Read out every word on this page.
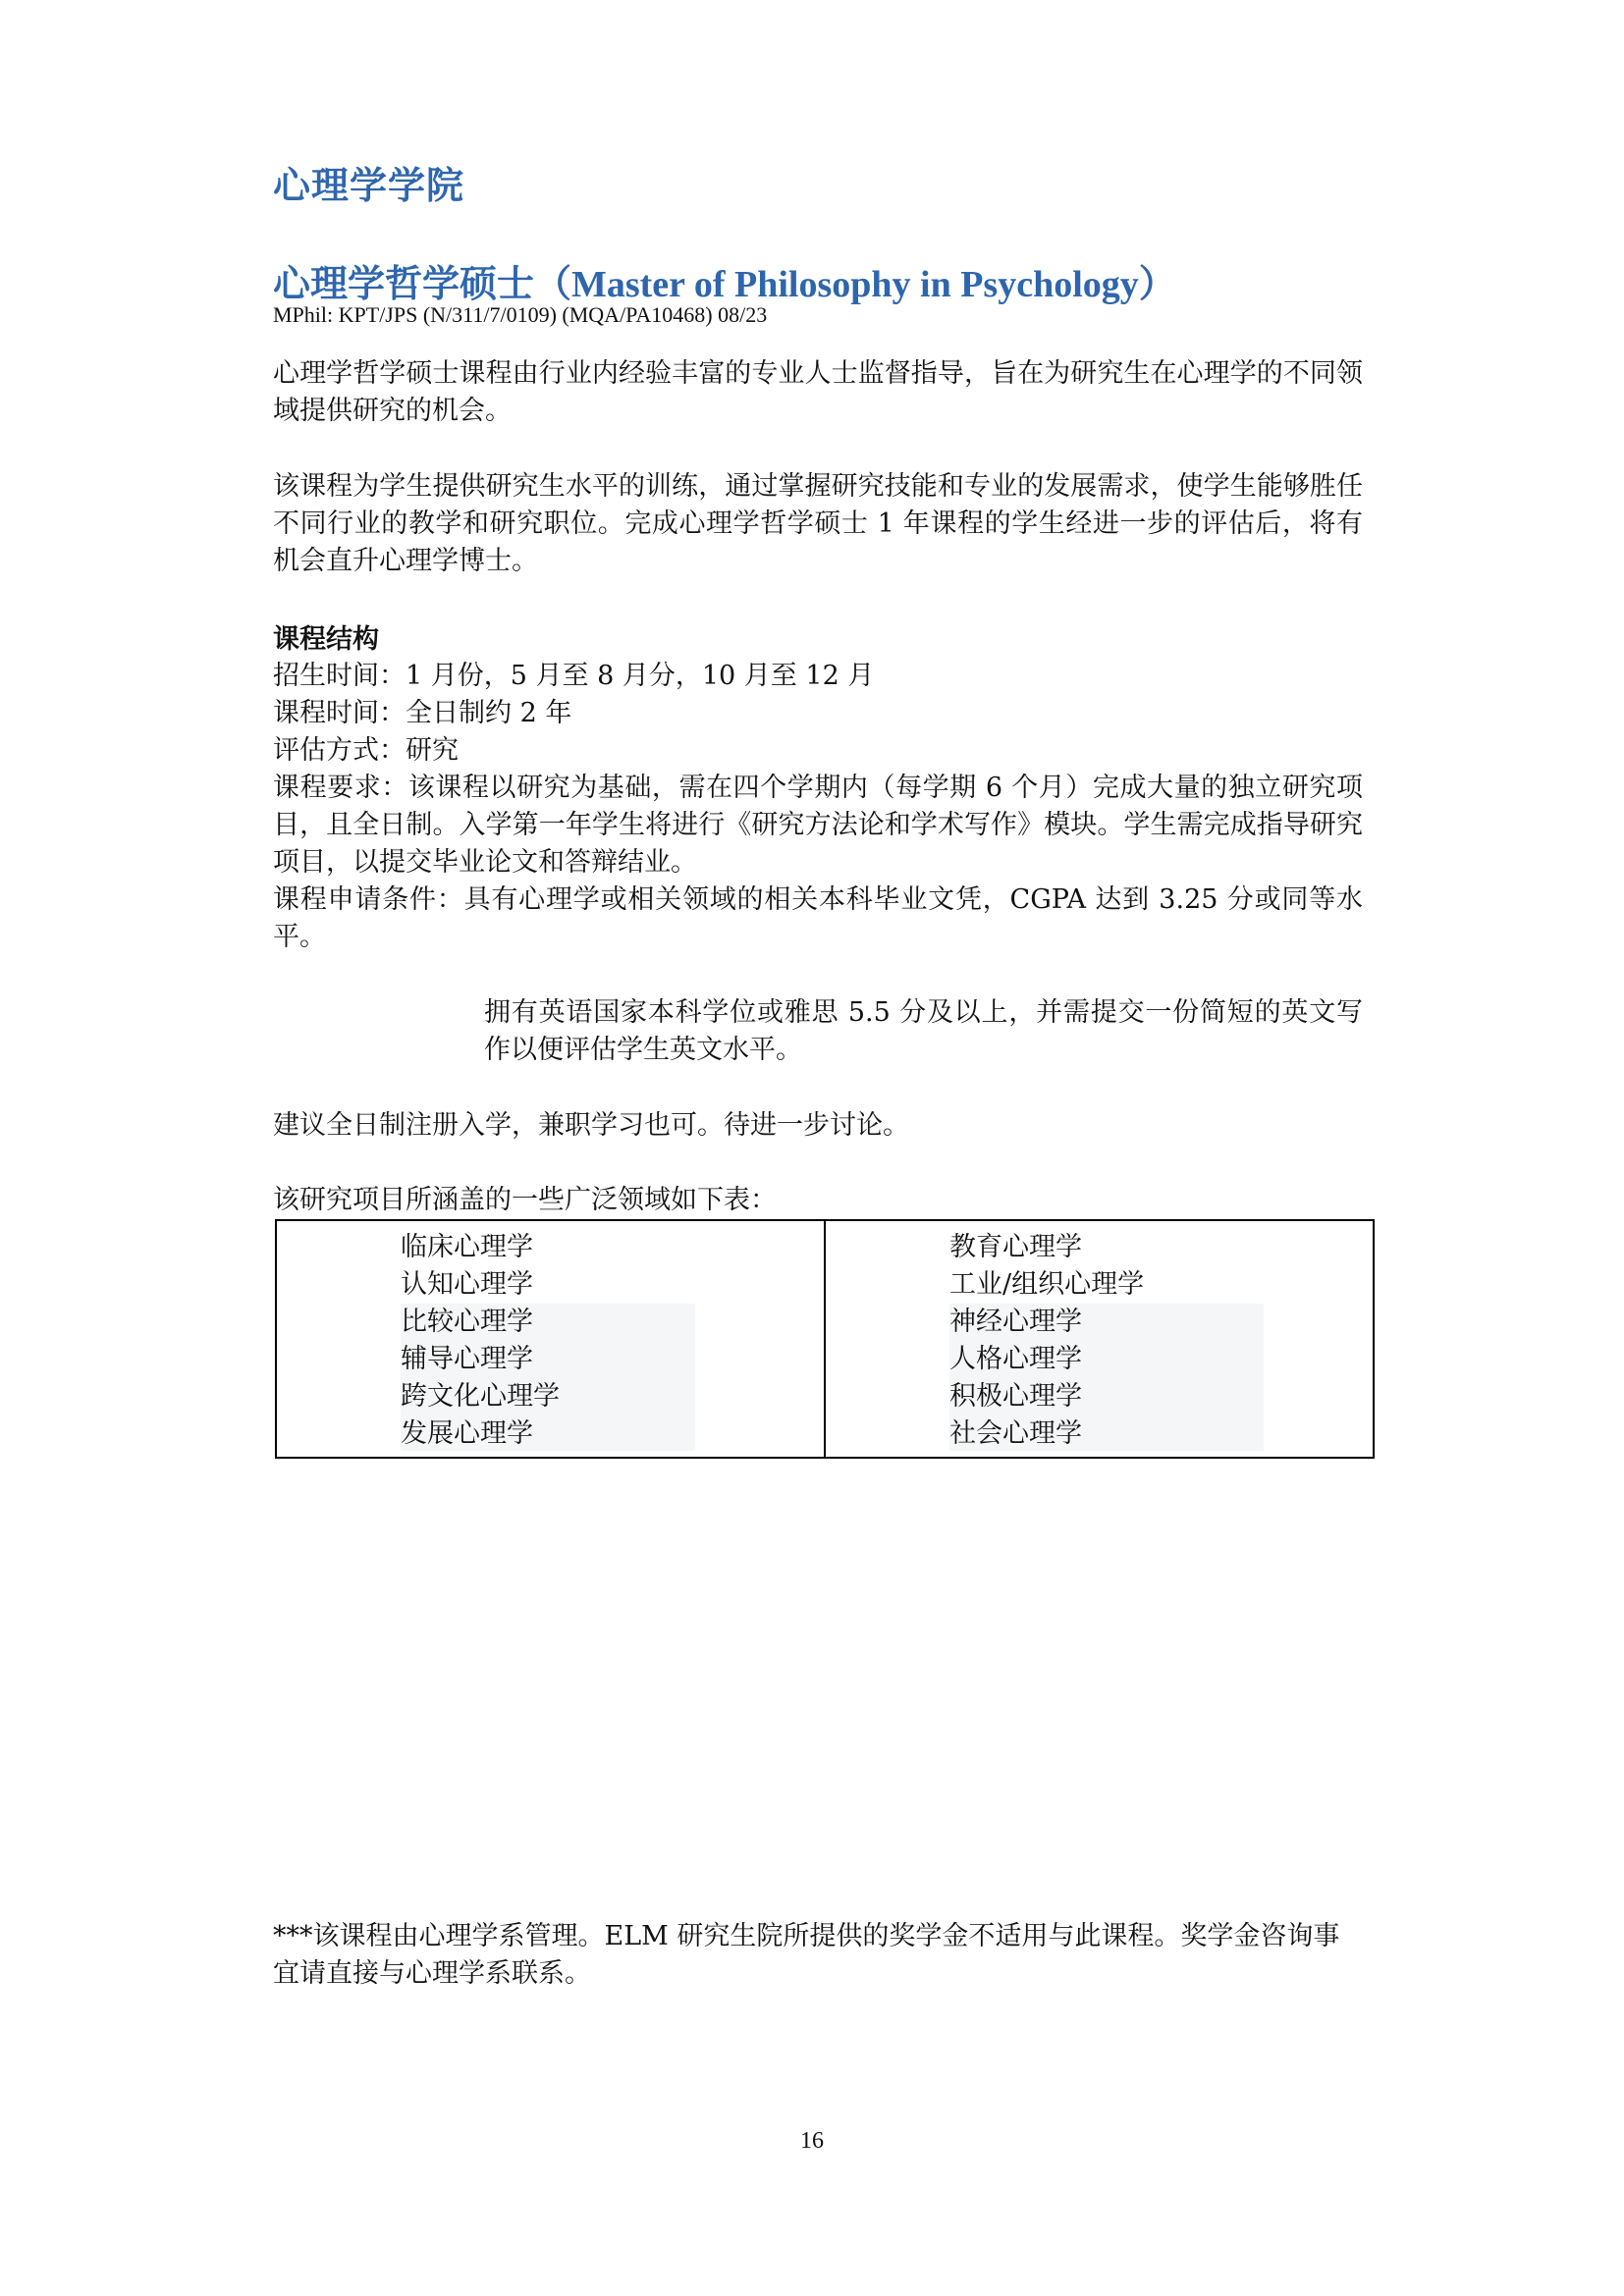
心理学学院
心理学哲学硕士（Master of Philosophy in Psychology）
MPhil: KPT/JPS (N/311/7/0109) (MQA/PA10468) 08/23

心理学哲学硕士课程由行业内经验丰富的专业人士监督指导，旨在为研究生在心理学的不同领域提供研究的机会。

该课程为学生提供研究生水平的训练，通过掌握研究技能和专业的发展需求，使学生能够胜任不同行业的教学和研究职位。完成心理学哲学硕士 1 年课程的学生经进一步的评估后，将有机会直升心理学博士。

课程结构
招生时间：1 月份，5 月至 8 月分，10 月至 12 月
课程时间：全日制约 2 年
评估方式：研究
课程要求：该课程以研究为基础，需在四个学期内（每学期 6 个月）完成大量的独立研究项目，且全日制。入学第一年学生将进行《研究方法论和学术写作》模块。学生需完成指导研究项目，以提交毕业论文和答辩结业。
课程申请条件：具有心理学或相关领域的相关本科毕业文凭，CGPA 达到 3.25 分或同等水平。

拥有英语国家本科学位或雅思 5.5 分及以上，并需提交一份简短的英文写作以便评估学生英文水平。

建议全日制注册入学，兼职学习也可。待进一步讨论。

该研究项目所涵盖的一些广泛领域如下表：

临床心理学
认知心理学
比较心理学
辅导心理学
跨文化心理学
发展心理学
教育心理学
工业/组织心理学
神经心理学
人格心理学
积极心理学
社会心理学

***该课程由心理学系管理。ELM 研究生院所提供的奖学金不适用与此课程。奖学金咨询事宜请直接与心理学系联系。

16
